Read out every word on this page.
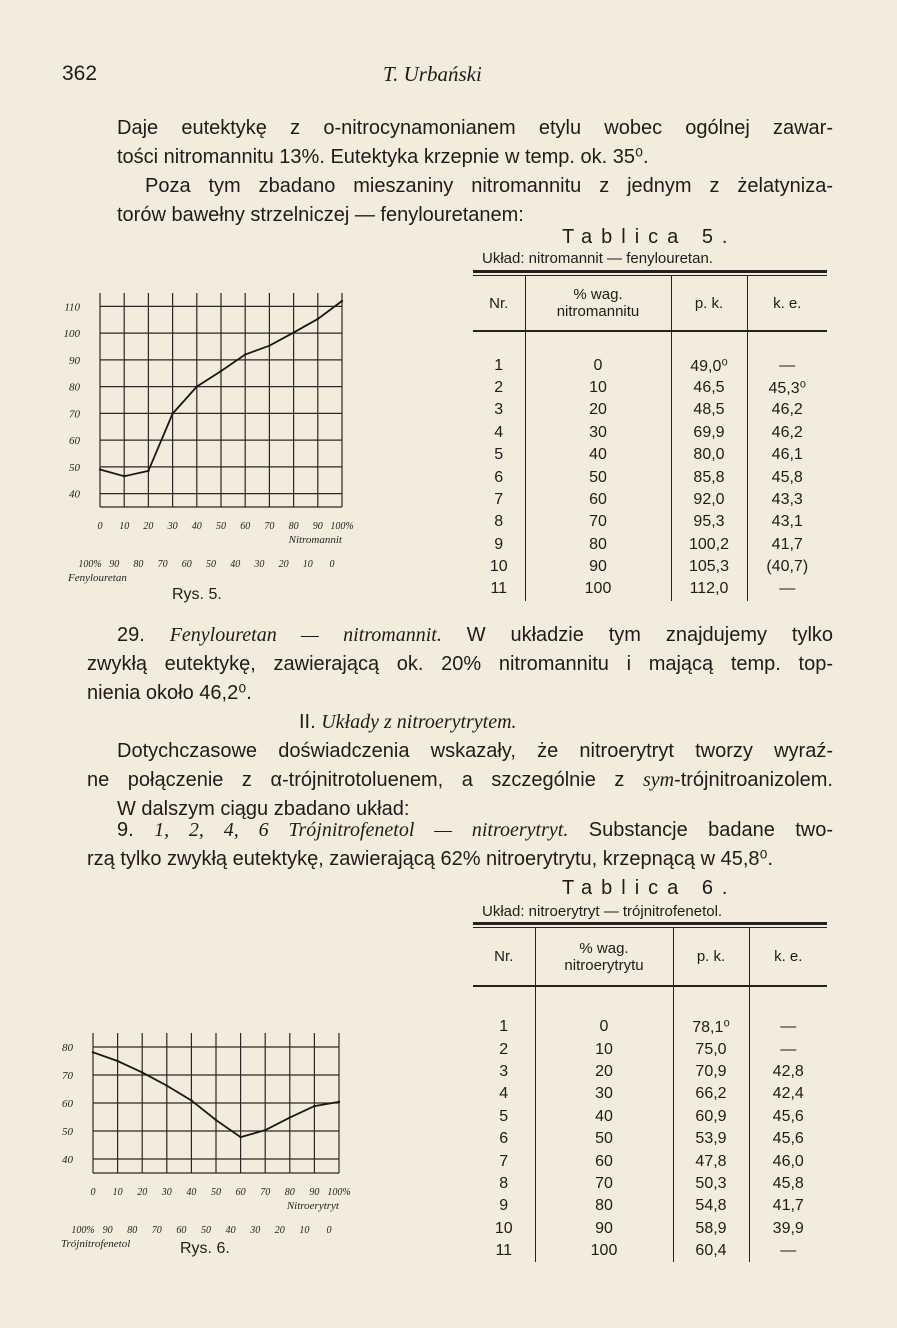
362	T. Urbański

Daje eutektykę z o-nitrocynamonianem etylu wobec ogólnej zawar-

tości nitromannitu 13%. Eutektyka krzepnie w temp. ok. 35⁰.

Poza tym zbadano mieszaniny nitromannitu z jednym z żelatyniza-

torów bawełny strzelniczej — fenylouretanem:

Tablica 5.
Układ: nitromannit — fenylouretan.
Nr.	% wag.
nitromannitu	p. k.	k. e.

1	0	49,0⁰	—
2	10	46,5	45,3⁰
3	20	48,5	46,2
4	30	69,9	46,2
5	40	80,0	46,1
6	50	85,8	45,8
7	60	92,0	43,3
8	70	95,3	43,1
9	80	100,2	41,7
10	90	105,3	(40,7)
11	100	112,0	—
110
100
90
80
70
60
50
40
0 10 20 30 40 50 60 70 80 90 100%
Nitromannit
100% 90 80 70 60 50 40 30 20 10 0
Fenylouretan
Rys. 5.

29. Fenylouretan — nitromannit. W układzie tym znajdujemy tylko

zwykłą eutektykę, zawierającą ok. 20% nitromannitu i mającą temp. top-

nienia około 46,2⁰.

II. Układy z nitroerytrytem.

Dotychczasowe doświadczenia wskazały, że nitroerytryt tworzy wyraź-

ne połączenie z α-trójnitrotoluenem, a szczególnie z sym-trójnitroanizolem.

W dalszym ciągu zbadano układ:

9. 1, 2, 4, 6 Trójnitrofenetol — nitroerytryt. Substancje badane two-

rzą tylko zwykłą eutektykę, zawierającą 62% nitroerytrytu, krzepnącą w 45,8⁰.

Tablica 6.
Układ: nitroerytryt — trójnitrofenetol.
Nr.	% wag.
nitroerytrytu	p. k.	k. e.

1	0	78,1⁰	—
2	10	75,0	—
3	20	70,9	42,8
4	30	66,2	42,4
5	40	60,9	45,6
6	50	53,9	45,6
7	60	47,8	46,0
8	70	50,3	45,8
9	80	54,8	41,7
10	90	58,9	39,9
11	100	60,4	—
80
70
60
50
40
0 10 20 30 40 50 60 70 80 90 100%
Nitroerytryt
100% 90 80 70 60 50 40 30 20 10 0
Trójnitrofenetol	Rys. 6.
